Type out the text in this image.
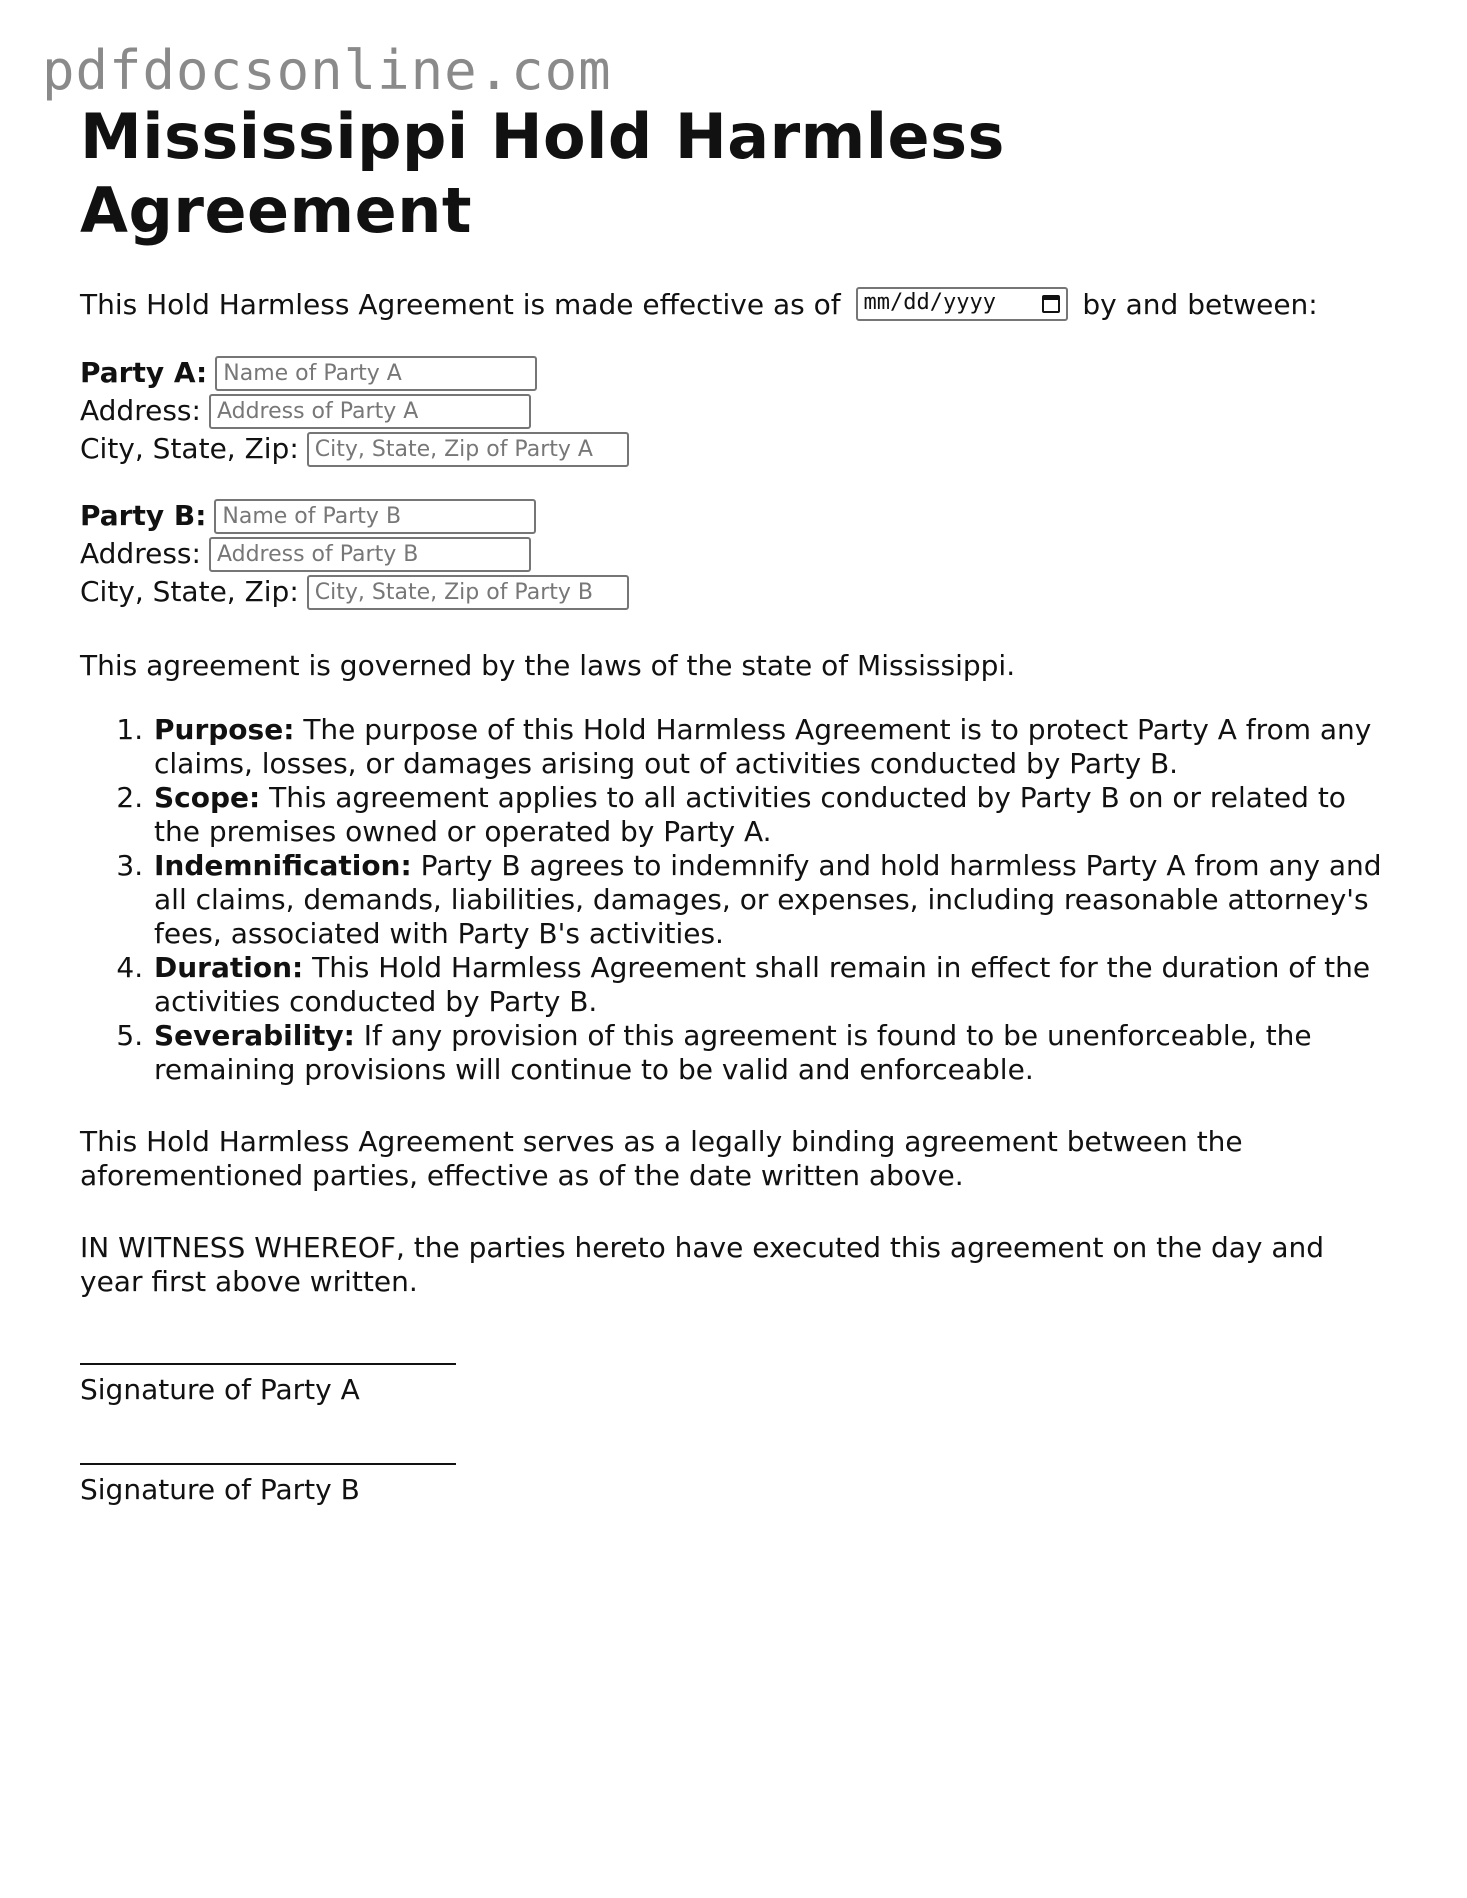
pdfdocsonline.com
Mississippi Hold Harmless Agreement
This Hold Harmless Agreement is made effective as of mm/dd/yyyy	by and between:
Party A: Name of Party A
Address: Address of Party A
City, State, Zip: City, State, Zip of Party A
Party B: Name of Party B
Address: Address of Party B
City, State, Zip: City, State, Zip of Party B
This agreement is governed by the laws of the state of Mississippi.
1. Purpose: The purpose of this Hold Harmless Agreement is to protect Party A from any claims, losses, or damages arising out of activities conducted by Party B.
2. Scope: This agreement applies to all activities conducted by Party B on or related to the premises owned or operated by Party A.
3. Indemnification: Party B agrees to indemnify and hold harmless Party A from any and all claims, demands, liabilities, damages, or expenses, including reasonable attorney's fees, associated with Party B's activities.
4. Duration: This Hold Harmless Agreement shall remain in effect for the duration of the activities conducted by Party B.
5. Severability: If any provision of this agreement is found to be unenforceable, the remaining provisions will continue to be valid and enforceable.
This Hold Harmless Agreement serves as a legally binding agreement between the aforementioned parties, effective as of the date written above.
IN WITNESS WHEREOF, the parties hereto have executed this agreement on the day and year first above written.
Signature of Party A
Signature of Party B
